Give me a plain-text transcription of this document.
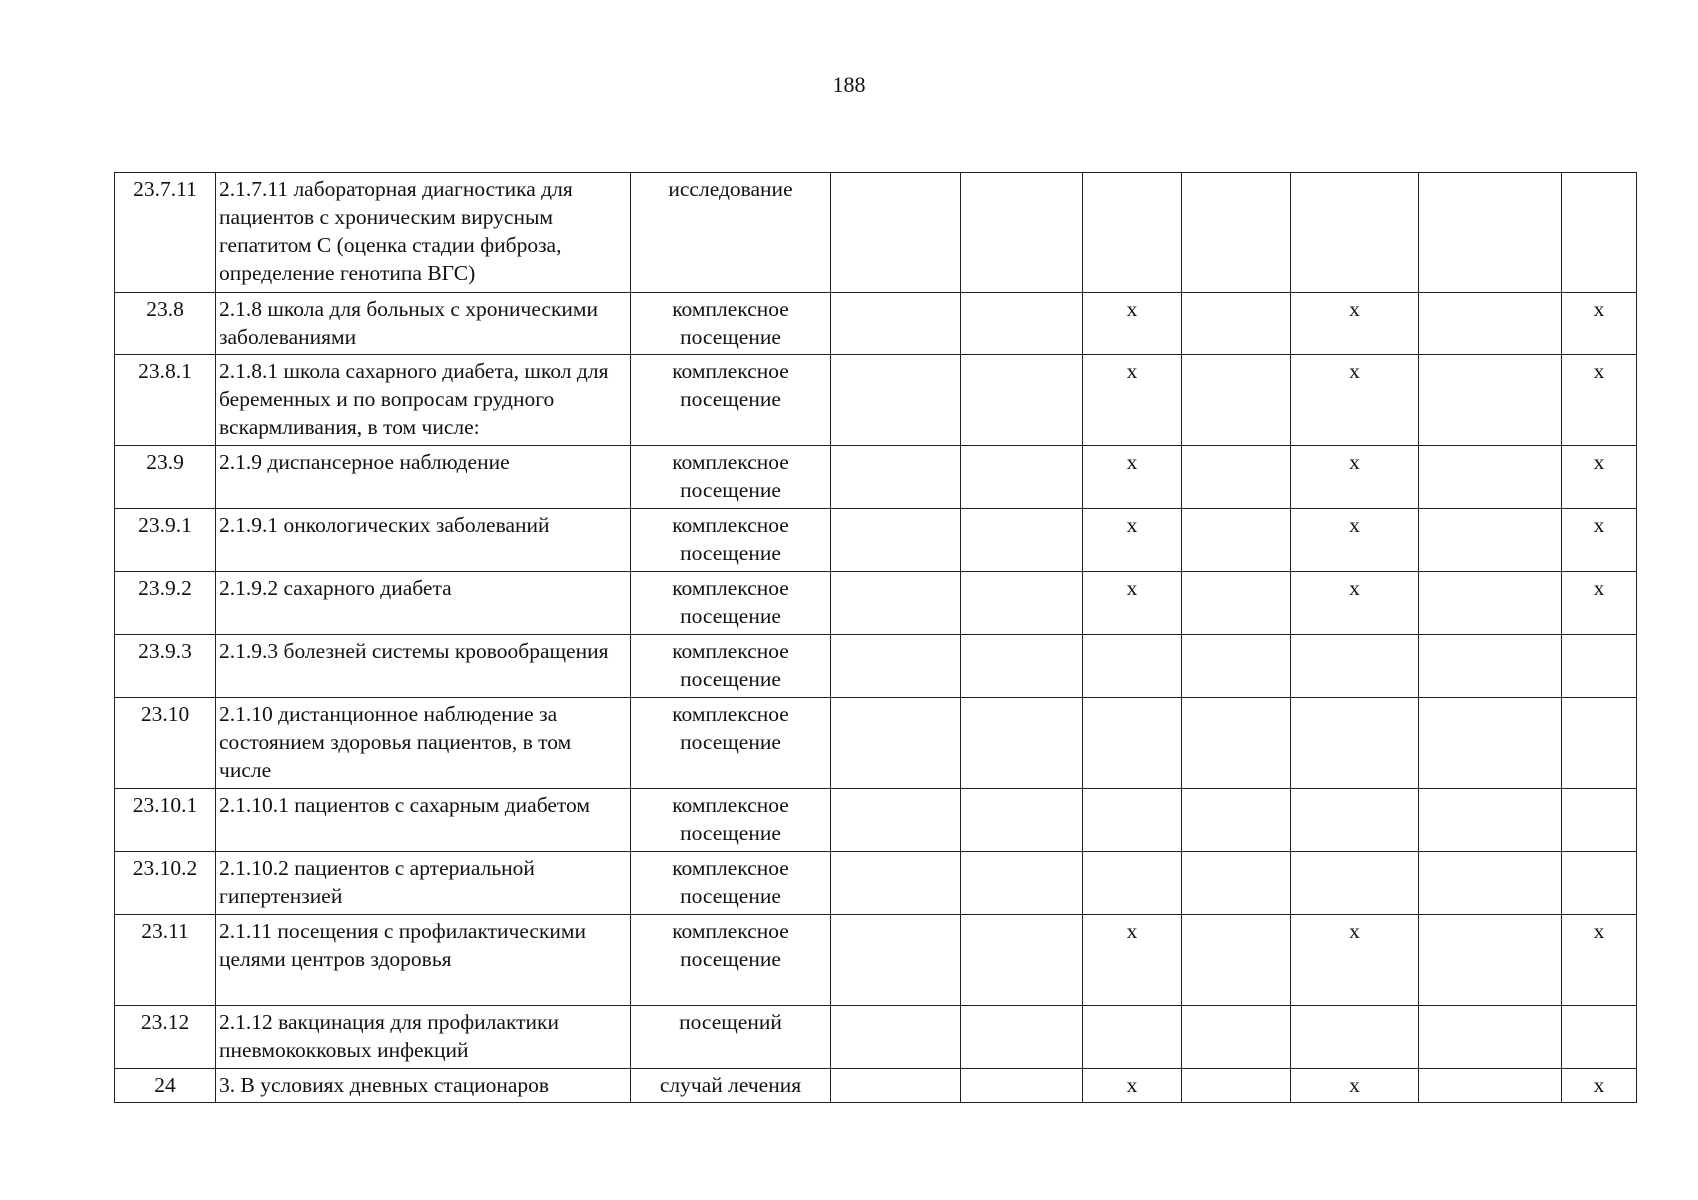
188
23.7.11	2.1.7.11 лабораторная диагностика для пациентов с хроническим вирусным гепатитом С (оценка стадии фиброза, определение генотипа ВГС)	исследование							
23.8	2.1.8 школа для больных с хроническими заболеваниями	комплексное посещение			х		х		х
23.8.1	2.1.8.1 школа сахарного диабета, школ для беременных и по вопросам грудного вскармливания, в том числе:	комплексное посещение			х		х		х
23.9	2.1.9 диспансерное наблюдение	комплексное посещение			х		х		х
23.9.1	2.1.9.1 онкологических заболеваний	комплексное посещение			х		х		х
23.9.2	2.1.9.2 сахарного диабета	комплексное посещение			х		х		х
23.9.3	2.1.9.3 болезней системы кровообращения	комплексное посещение							
23.10	2.1.10 дистанционное наблюдение за состоянием здоровья пациентов, в том числе	комплексное посещение							
23.10.1	2.1.10.1 пациентов с сахарным диабетом	комплексное посещение							
23.10.2	2.1.10.2 пациентов с артериальной гипертензией	комплексное посещение							
23.11	2.1.11 посещения с профилактическими целями центров здоровья	комплексное посещение			х		х		х
23.12	2.1.12 вакцинация для профилактики пневмококковых инфекций	посещений							
24	3. В условиях дневных стационаров	случай лечения			х		х		х
